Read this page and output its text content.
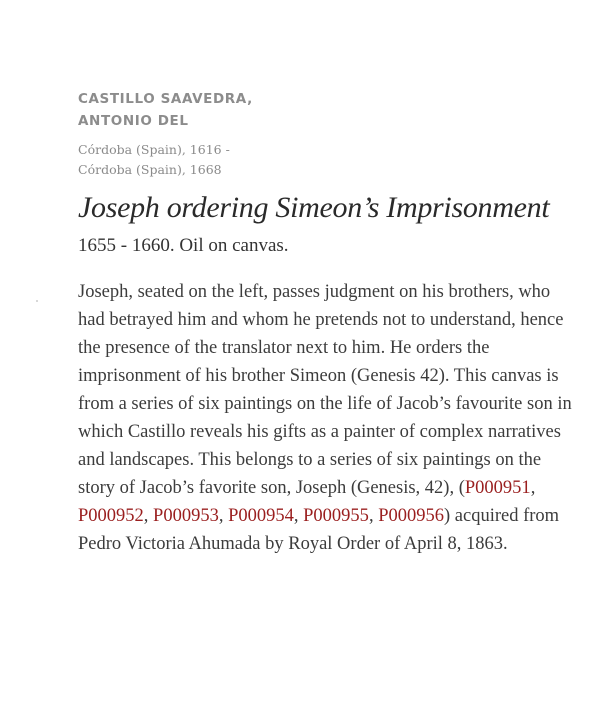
CASTILLO SAAVEDRA,
ANTONIO DEL
Córdoba (Spain), 1616 -
Córdoba (Spain), 1668
Joseph ordering Simeon’s Imprisonment
1655 - 1660. Oil on canvas.

Joseph, seated on the left, passes judgment on his brothers, who had betrayed him and whom he pretends not to understand, hence the presence of the translator next to him. He orders the imprisonment of his brother Simeon (Genesis 42). This canvas is from a series of six paintings on the life of Jacob’s favourite son in which Castillo reveals his gifts as a painter of complex narratives and landscapes. This belongs to a series of six paintings on the story of Jacob’s favorite son, Joseph (Genesis, 42), (P000951, P000952, P000953, P000954, P000955, P000956) acquired from Pedro Victoria Ahumada by Royal Order of April 8, 1863.
